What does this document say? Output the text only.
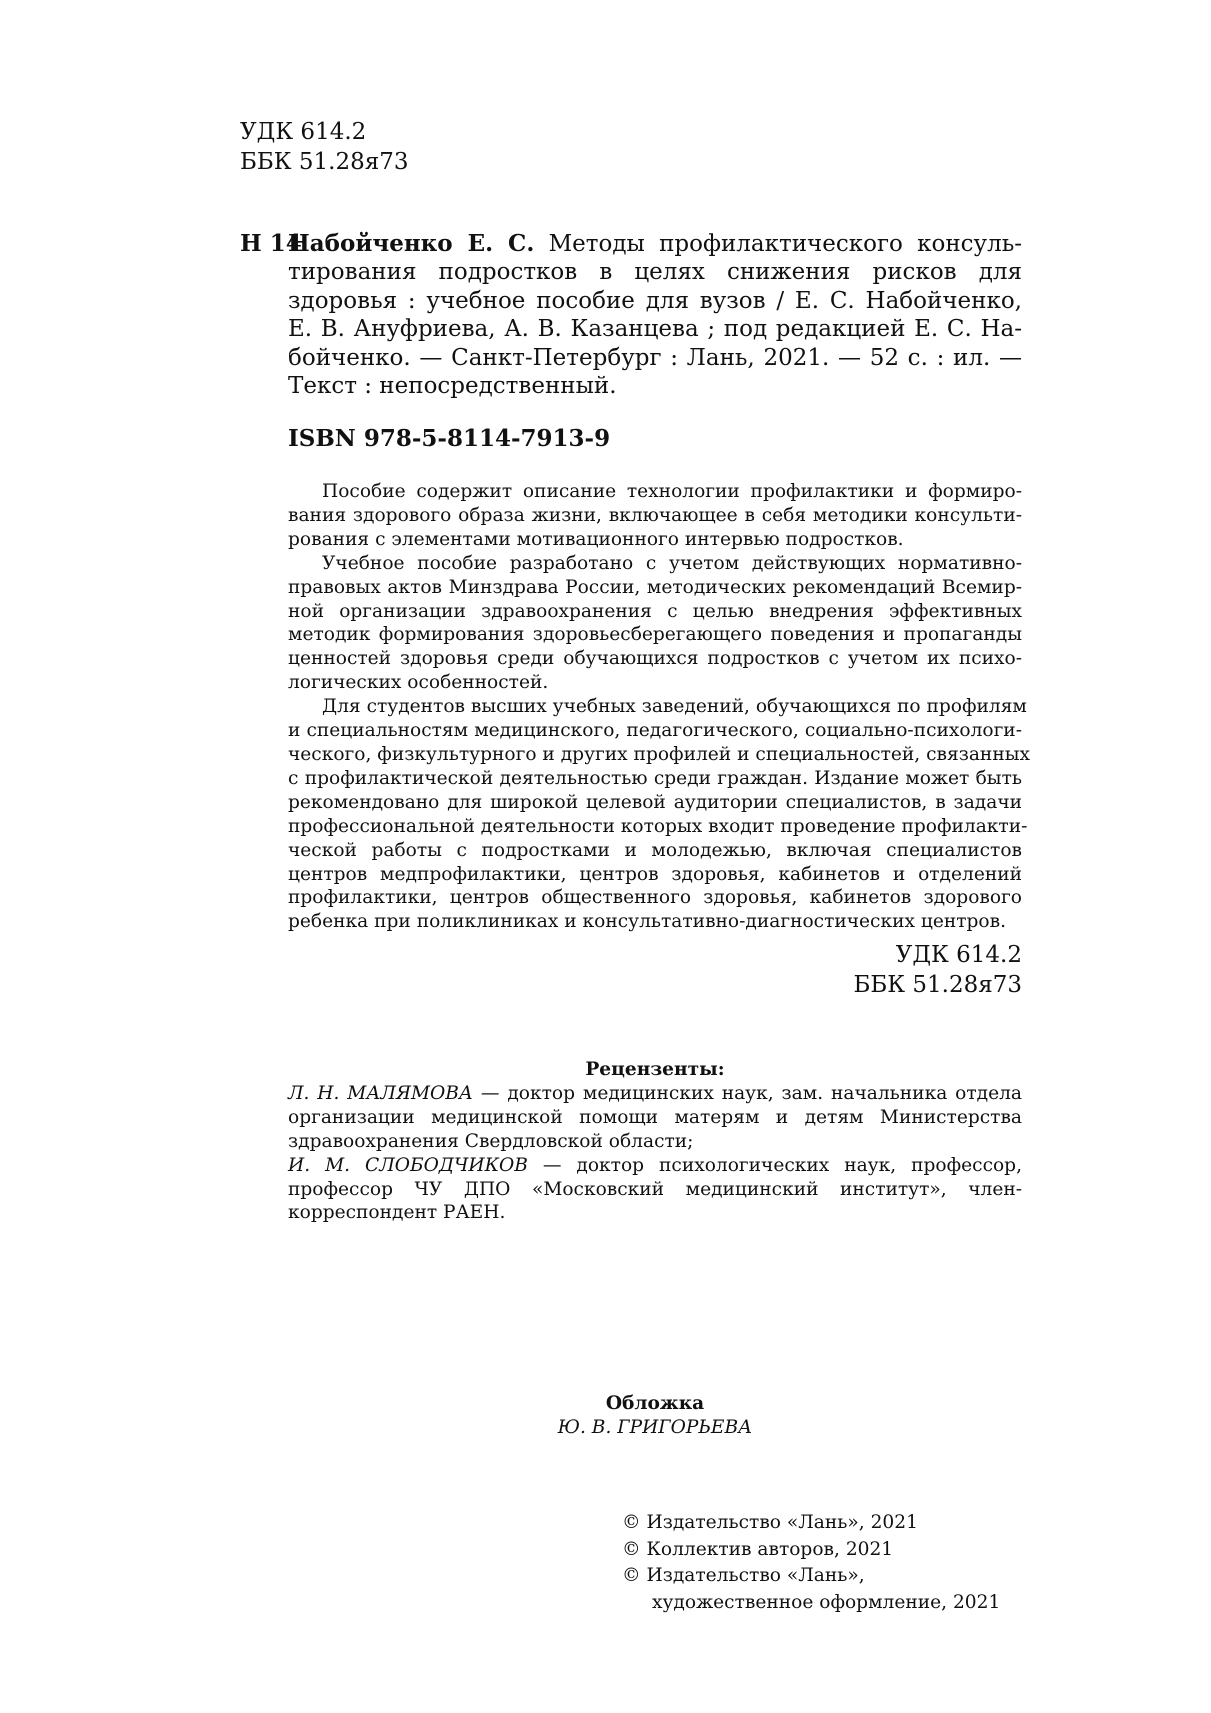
УДК 614.2
ББК 51.28я73
Н 14
Набойченко Е. С. Методы профилактического консуль-
тирования подростков в целях снижения рисков для
здоровья : учебное пособие для вузов / Е. С. Набойченко,
Е. В. Ануфриева, А. В. Казанцева ; под редакцией Е. С. На-
бойченко. — Санкт-Петербург : Лань, 2021. — 52 с. : ил. —
Текст : непосредственный.
ISBN 978-5-8114-7913-9
Пособие содержит описание технологии профилактики и формиро-
вания здорового образа жизни, включающее в себя методики консульти-
рования с элементами мотивационного интервью подростков.
Учебное пособие разработано с учетом действующих нормативно-
правовых актов Минздрава России, методических рекомендаций Всемир-
ной организации здравоохранения с целью внедрения эффективных
методик формирования здоровьесберегающего поведения и пропаганды
ценностей здоровья среди обучающихся подростков с учетом их психо-
логических особенностей.
Для студентов высших учебных заведений, обучающихся по профилям
и специальностям медицинского, педагогического, социально-психологи-
ческого, физкультурного и других профилей и специальностей, связанных
с профилактической деятельностью среди граждан. Издание может быть
рекомендовано для широкой целевой аудитории специалистов, в задачи
профессиональной деятельности которых входит проведение профилакти-
ческой работы с подростками и молодежью, включая специалистов
центров медпрофилактики, центров здоровья, кабинетов и отделений
профилактики, центров общественного здоровья, кабинетов здорового
ребенка при поликлиниках и консультативно-диагностических центров.
УДК 614.2
ББК 51.28я73
Рецензенты:
Л. Н. МАЛЯМОВА — доктор медицинских наук, зам. начальника отдела
организации медицинской помощи матерям и детям Министерства
здравоохранения Свердловской области;
И. М. СЛОБОДЧИКОВ — доктор психологических наук, профессор,
профессор ЧУ ДПО «Московский медицинский институт», член-
корреспондент РАЕН.
Обложка
Ю. В. ГРИГОРЬЕВА
© Издательство «Лань», 2021
© Коллектив авторов, 2021
© Издательство «Лань»,
художественное оформление, 2021
